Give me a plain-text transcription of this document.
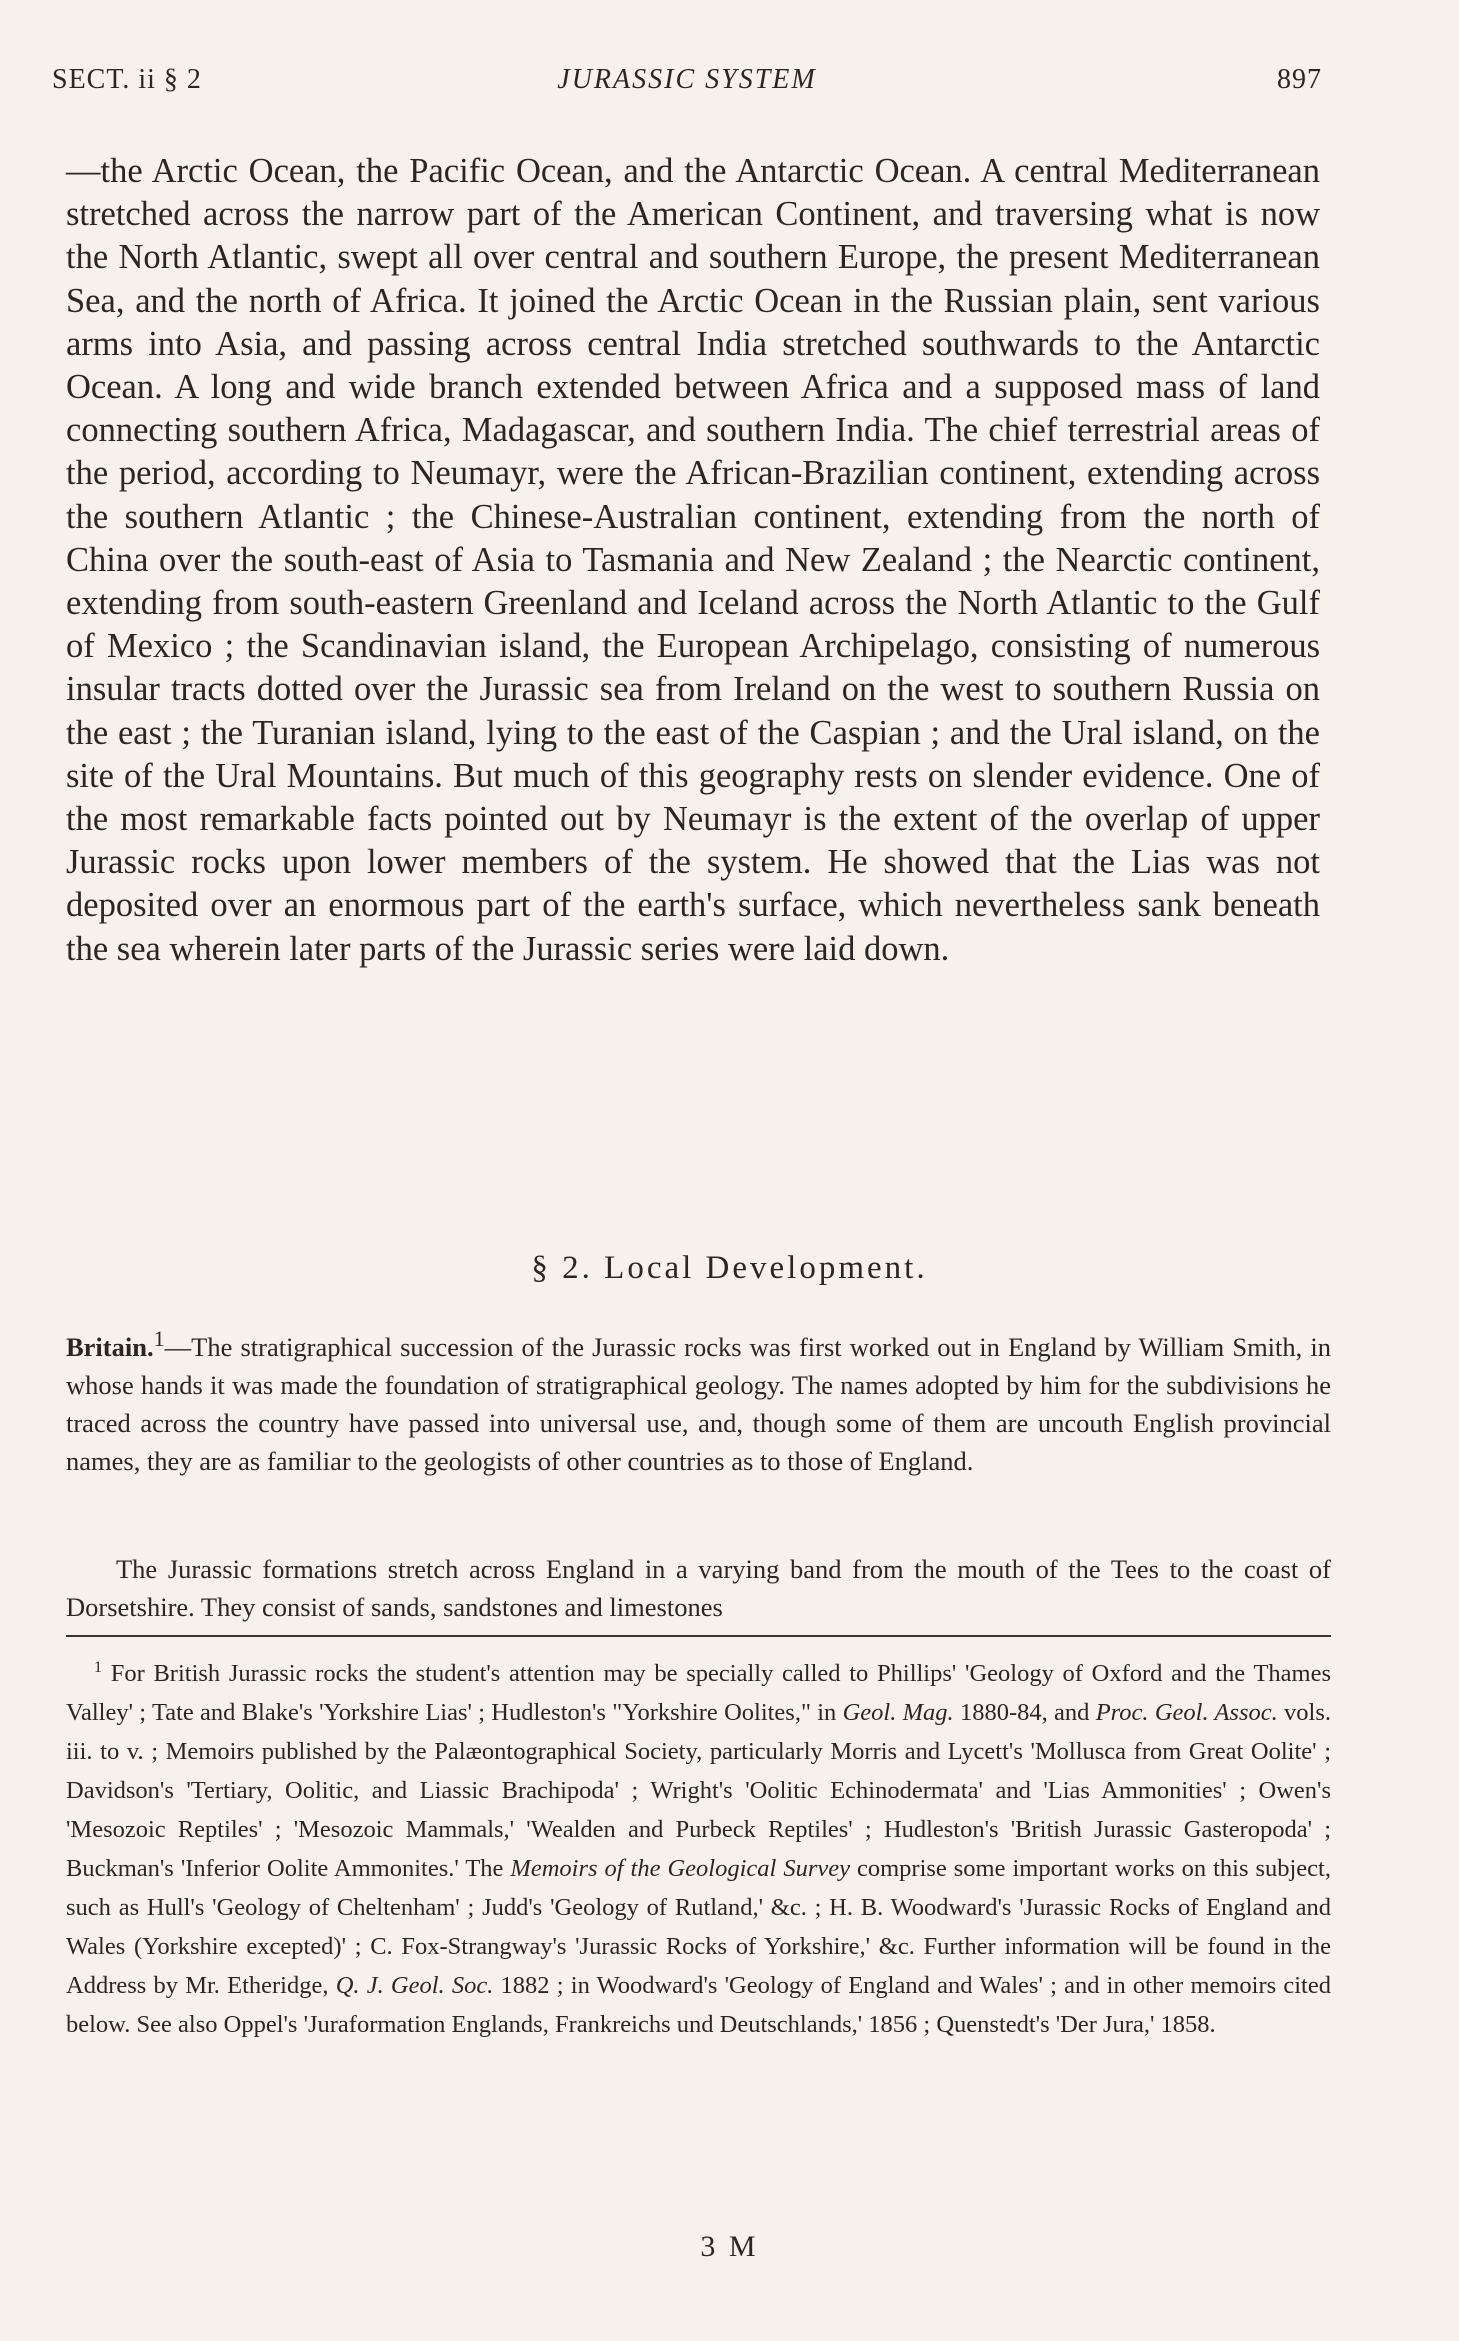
SECT. ii § 2	JURASSIC SYSTEM	897
—the Arctic Ocean, the Pacific Ocean, and the Antarctic Ocean. A central Mediterranean stretched across the narrow part of the American Continent, and traversing what is now the North Atlantic, swept all over central and southern Europe, the present Mediterranean Sea, and the north of Africa. It joined the Arctic Ocean in the Russian plain, sent various arms into Asia, and passing across central India stretched southwards to the Antarctic Ocean. A long and wide branch extended between Africa and a supposed mass of land connecting southern Africa, Madagascar, and southern India. The chief terrestrial areas of the period, according to Neumayr, were the African-Brazilian continent, extending across the southern Atlantic ; the Chinese-Australian continent, extending from the north of China over the south-east of Asia to Tasmania and New Zealand ; the Nearctic continent, extending from south-eastern Greenland and Iceland across the North Atlantic to the Gulf of Mexico ; the Scandinavian island, the European Archipelago, consisting of numerous insular tracts dotted over the Jurassic sea from Ireland on the west to southern Russia on the east ; the Turanian island, lying to the east of the Caspian ; and the Ural island, on the site of the Ural Mountains. But much of this geography rests on slender evidence. One of the most remarkable facts pointed out by Neumayr is the extent of the overlap of upper Jurassic rocks upon lower members of the system. He showed that the Lias was not deposited over an enormous part of the earth's surface, which nevertheless sank beneath the sea wherein later parts of the Jurassic series were laid down.
§ 2. Local Development.
Britain.$^1$—The stratigraphical succession of the Jurassic rocks was first worked out in England by William Smith, in whose hands it was made the foundation of stratigraphical geology. The names adopted by him for the subdivisions he traced across the country have passed into universal use, and, though some of them are uncouth English provincial names, they are as familiar to the geologists of other countries as to those of England.
The Jurassic formations stretch across England in a varying band from the mouth of the Tees to the coast of Dorsetshire. They consist of sands, sandstones and limestones
$^1$ For British Jurassic rocks the student's attention may be specially called to Phillips' 'Geology of Oxford and the Thames Valley' ; Tate and Blake's 'Yorkshire Lias' ; Hudleston's "Yorkshire Oolites," in Geol. Mag. 1880-84, and Proc. Geol. Assoc. vols. iii. to v. ; Memoirs published by the Palæontographical Society, particularly Morris and Lycett's 'Mollusca from Great Oolite' ; Davidson's 'Tertiary, Oolitic, and Liassic Brachipoda' ; Wright's 'Oolitic Echinodermata' and 'Lias Ammonities' ; Owen's 'Mesozoic Reptiles' ; 'Mesozoic Mammals,' 'Wealden and Purbeck Reptiles' ; Hudleston's 'British Jurassic Gasteropoda' ; Buckman's 'Inferior Oolite Ammonites.' The Memoirs of the Geological Survey comprise some important works on this subject, such as Hull's 'Geology of Cheltenham' ; Judd's 'Geology of Rutland,' &c. ; H. B. Woodward's 'Jurassic Rocks of England and Wales (Yorkshire excepted)' ; C. Fox-Strangway's 'Jurassic Rocks of Yorkshire,' &c. Further information will be found in the Address by Mr. Etheridge, Q. J. Geol. Soc. 1882 ; in Woodward's 'Geology of England and Wales' ; and in other memoirs cited below. See also Oppel's 'Juraformation Englands, Frankreichs und Deutschlands,' 1856 ; Quenstedt's 'Der Jura,' 1858.
3 M
